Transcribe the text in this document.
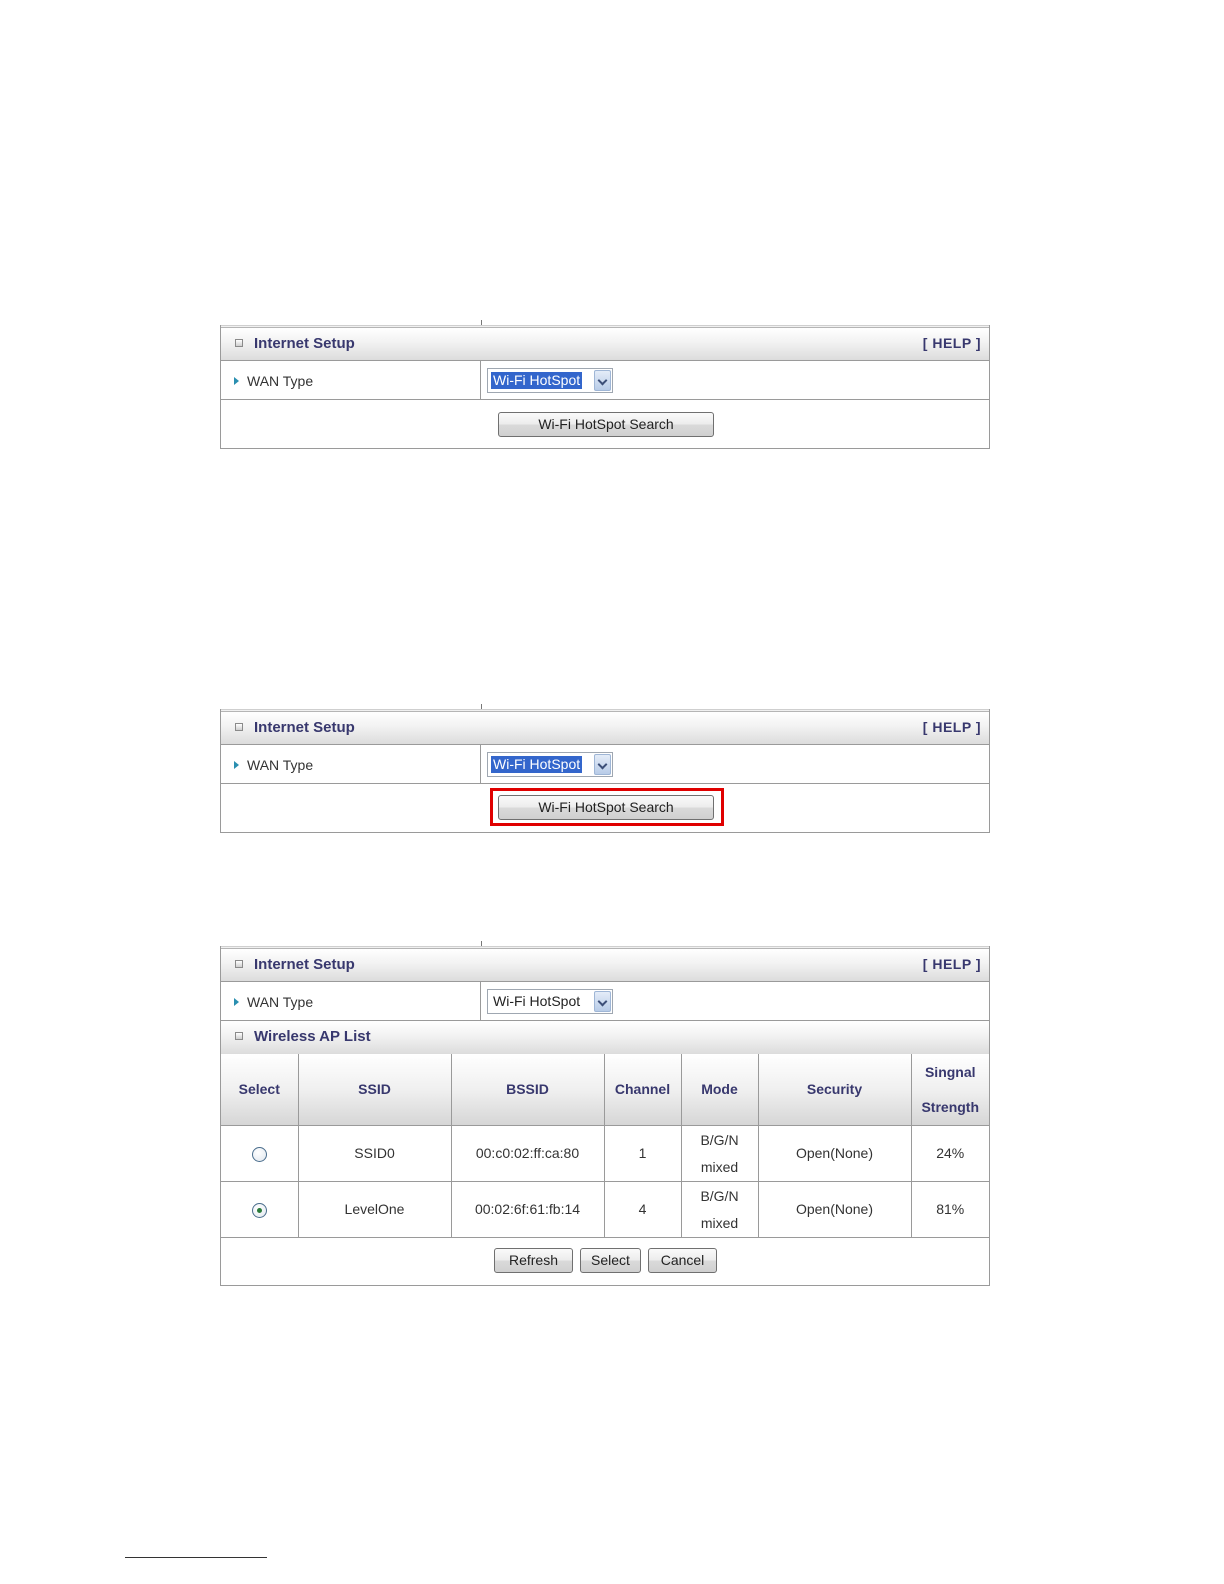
Internet Setup	[ HELP ]
WAN Type	Wi-Fi HotSpot
Wi-Fi HotSpot Search
Internet Setup	[ HELP ]
WAN Type	Wi-Fi HotSpot
Wi-Fi HotSpot Search
Internet Setup	[ HELP ]
WAN Type	Wi-Fi HotSpot
Wireless AP List
Select	SSID	BSSID	Channel	Mode	Security	Singnal Strength
	SSID0	00:c0:02:ff:ca:80	1	B/G/N mixed	Open(None)	24%
	LevelOne	00:02:6f:61:fb:14	4	B/G/N mixed	Open(None)	81%
Refresh	Select	Cancel
